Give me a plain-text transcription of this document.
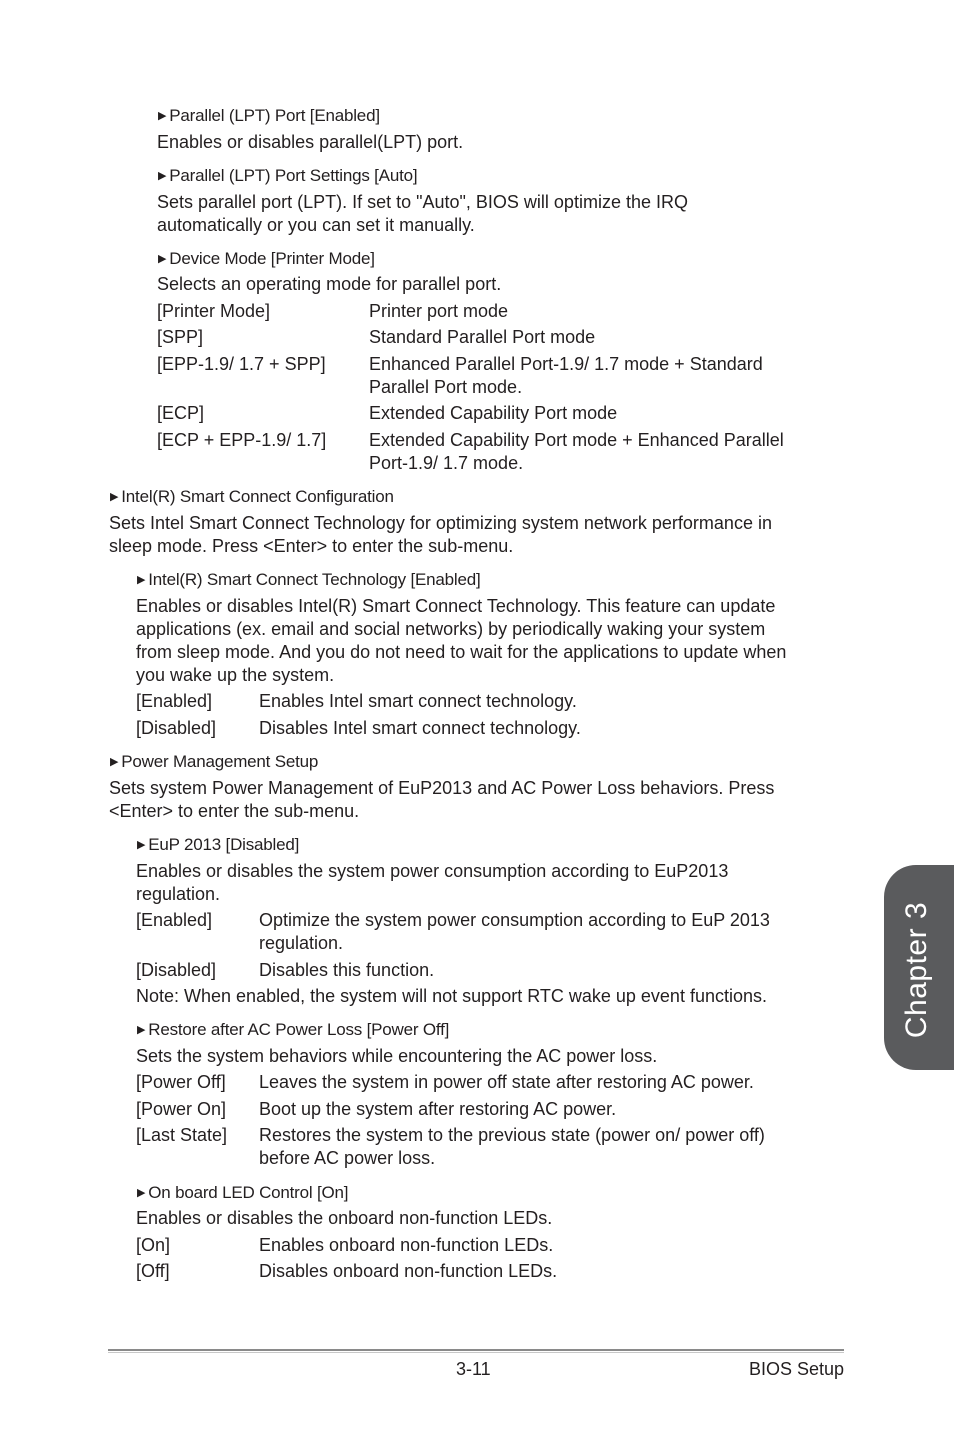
▶ Parallel (LPT) Port [Enabled]
Enables or disables parallel(LPT) port.
▶ Parallel (LPT) Port Settings [Auto]
Sets parallel port (LPT). If set to "Auto", BIOS will optimize the IRQ
automatically or you can set it manually.
▶ Device Mode [Printer Mode]
Selects an operating mode for parallel port.
[Printer Mode]	Printer port mode
[SPP]	Standard Parallel Port mode
[EPP-1.9/ 1.7 + SPP] Enhanced Parallel Port-1.9/ 1.7 mode + Standard
Parallel Port mode.
[ECP]	Extended Capability Port mode
[ECP + EPP-1.9/ 1.7] Extended Capability Port mode + Enhanced Parallel
Port-1.9/ 1.7 mode.
▶ Intel(R) Smart Connect Configuration
Sets Intel Smart Connect Technology for optimizing system network performance in
sleep mode. Press <Enter> to enter the sub-menu.
▶ Intel(R) Smart Connect Technology [Enabled]
Enables or disables Intel(R) Smart Connect Technology. This feature can update
applications (ex. email and social networks) by periodically waking your system
from sleep mode. And you do not need to wait for the applications to update when
you wake up the system.
[Enabled]	Enables Intel smart connect technology.
[Disabled] Disables Intel smart connect technology.
▶ Power Management Setup
Sets system Power Management of EuP2013 and AC Power Loss behaviors. Press
<Enter> to enter the sub-menu.
▶ EuP 2013 [Disabled]
Enables or disables the system power consumption according to EuP2013
regulation.
[Enabled]	Optimize the system power consumption according to EuP 2013
regulation.
[Disabled] Disables this function.
Note: When enabled, the system will not support RTC wake up event functions.
▶ Restore after AC Power Loss [Power Off]
Sets the system behaviors while encountering the AC power loss.
[Power Off] Leaves the system in power off state after restoring AC power.
[Power On] Boot up the system after restoring AC power.
[Last State] Restores the system to the previous state (power on/ power off)
before AC power loss.
▶ On board LED Control [On]
Enables or disables the onboard non-function LEDs.
[On]	Enables onboard non-function LEDs.
[Off]	Disables onboard non-function LEDs.
Chapter 3
3-11	BIOS Setup
